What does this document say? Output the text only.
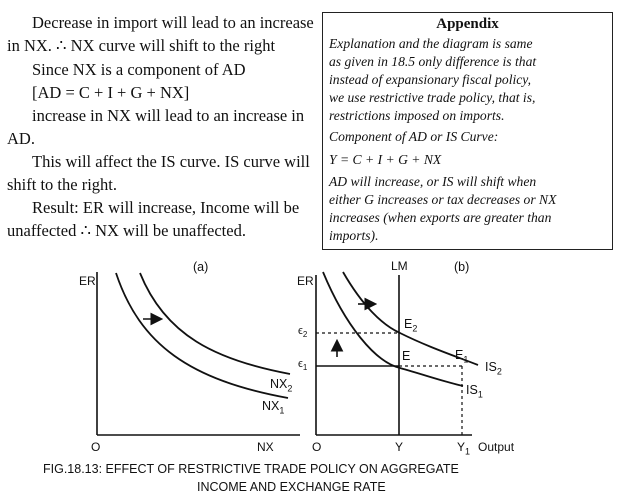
Decrease in import will lead to an increase
in NX. ∴ NX curve will shift to the right
Since NX is a component of AD
[AD = C + I + G + NX]
increase in NX will lead to an increase in
AD.
This will affect the IS curve. IS curve will
shift to the right.
Result: ER will increase, Income will be
unaffected ∴ NX will be unaffected.
Appendix
Explanation and the diagram is same
as given in 18.5 only difference is that
instead of expansionary fiscal policy,
we use restrictive trade policy, that is,
restrictions imposed on imports.
Component of AD or IS Curve:
Y = C + I + G + NX
AD will increase, or IS will shift when
either G increases or tax decreases or NX
increases (when exports are greater than
imports).
(a)
ER
O	NX
$NX_2$
$NX_1$
(b)
LM
ER
O	Y	$Y_1$ Output
$\epsilon_2$
$\epsilon_1$
$E_2$
E	$E_1$
$IS_2$
$IS_1$
FIG.18.13: EFFECT OF RESTRICTIVE TRADE POLICY ON AGGREGATE
INCOME AND EXCHANGE RATE
